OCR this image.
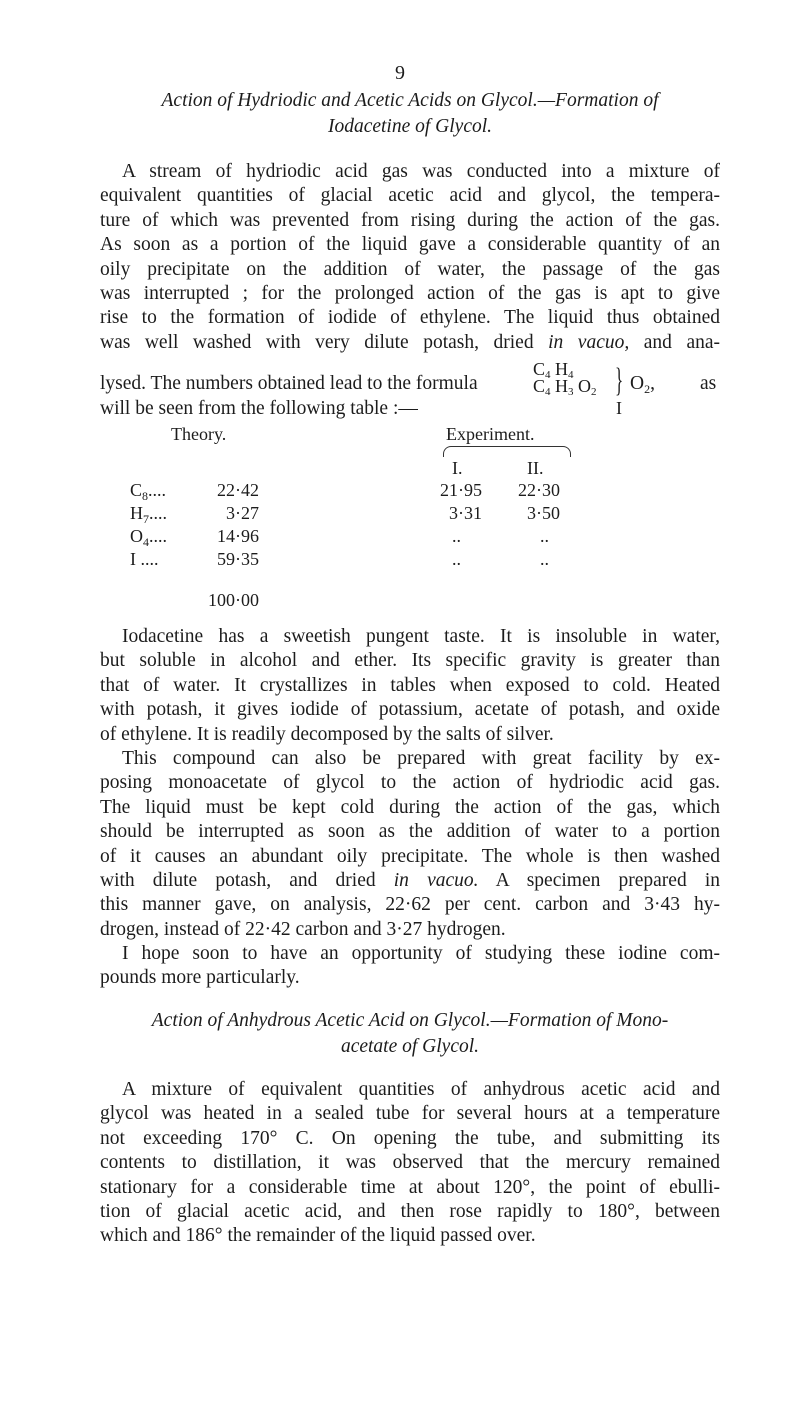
9
Action of Hydriodic and Acetic Acids on Glycol.—Formation of
Iodacetine of Glycol.
A stream of hydriodic acid gas was conducted into a mixture of
equivalent quantities of glacial acetic acid and glycol, the tempera-
ture of which was prevented from rising during the action of the gas.
As soon as a portion of the liquid gave a considerable quantity of an
oily precipitate on the addition of water, the passage of the gas
was interrupted ; for the prolonged action of the gas is apt to give
rise to the formation of iodide of ethylene. The liquid thus obtained
was well washed with very dilute potash, dried in vacuo, and ana-
lysed. The numbers obtained lead to the formula
C4 H4
C4 H3 O2 } $O_2$, as
will be seen from the following table :—	I
Theory.	Experiment.
I.	II.
$C_8$....	22·42	21·95	22·30
$H_7$....	3·27	3·31	3·50
$O_4$....	14·96	..	..
I ....	59·35	..	..
100·00
Iodacetine has a sweetish pungent taste. It is insoluble in water,
but soluble in alcohol and ether. Its specific gravity is greater than
that of water. It crystallizes in tables when exposed to cold. Heated
with potash, it gives iodide of potassium, acetate of potash, and oxide
of ethylene. It is readily decomposed by the salts of silver.
This compound can also be prepared with great facility by ex-
posing monoacetate of glycol to the action of hydriodic acid gas.
The liquid must be kept cold during the action of the gas, which
should be interrupted as soon as the addition of water to a portion
of it causes an abundant oily precipitate. The whole is then washed
with dilute potash, and dried in vacuo. A specimen prepared in
this manner gave, on analysis, 22·62 per cent. carbon and 3·43 hy-
drogen, instead of 22·42 carbon and 3·27 hydrogen.
I hope soon to have an opportunity of studying these iodine com-
pounds more particularly.
Action of Anhydrous Acetic Acid on Glycol.—Formation of Mono-
acetate of Glycol.
A mixture of equivalent quantities of anhydrous acetic acid and
glycol was heated in a sealed tube for several hours at a temperature
not exceeding 170° C. On opening the tube, and submitting its
contents to distillation, it was observed that the mercury remained
stationary for a considerable time at about 120°, the point of ebulli-
tion of glacial acetic acid, and then rose rapidly to 180°, between
which and 186° the remainder of the liquid passed over.
